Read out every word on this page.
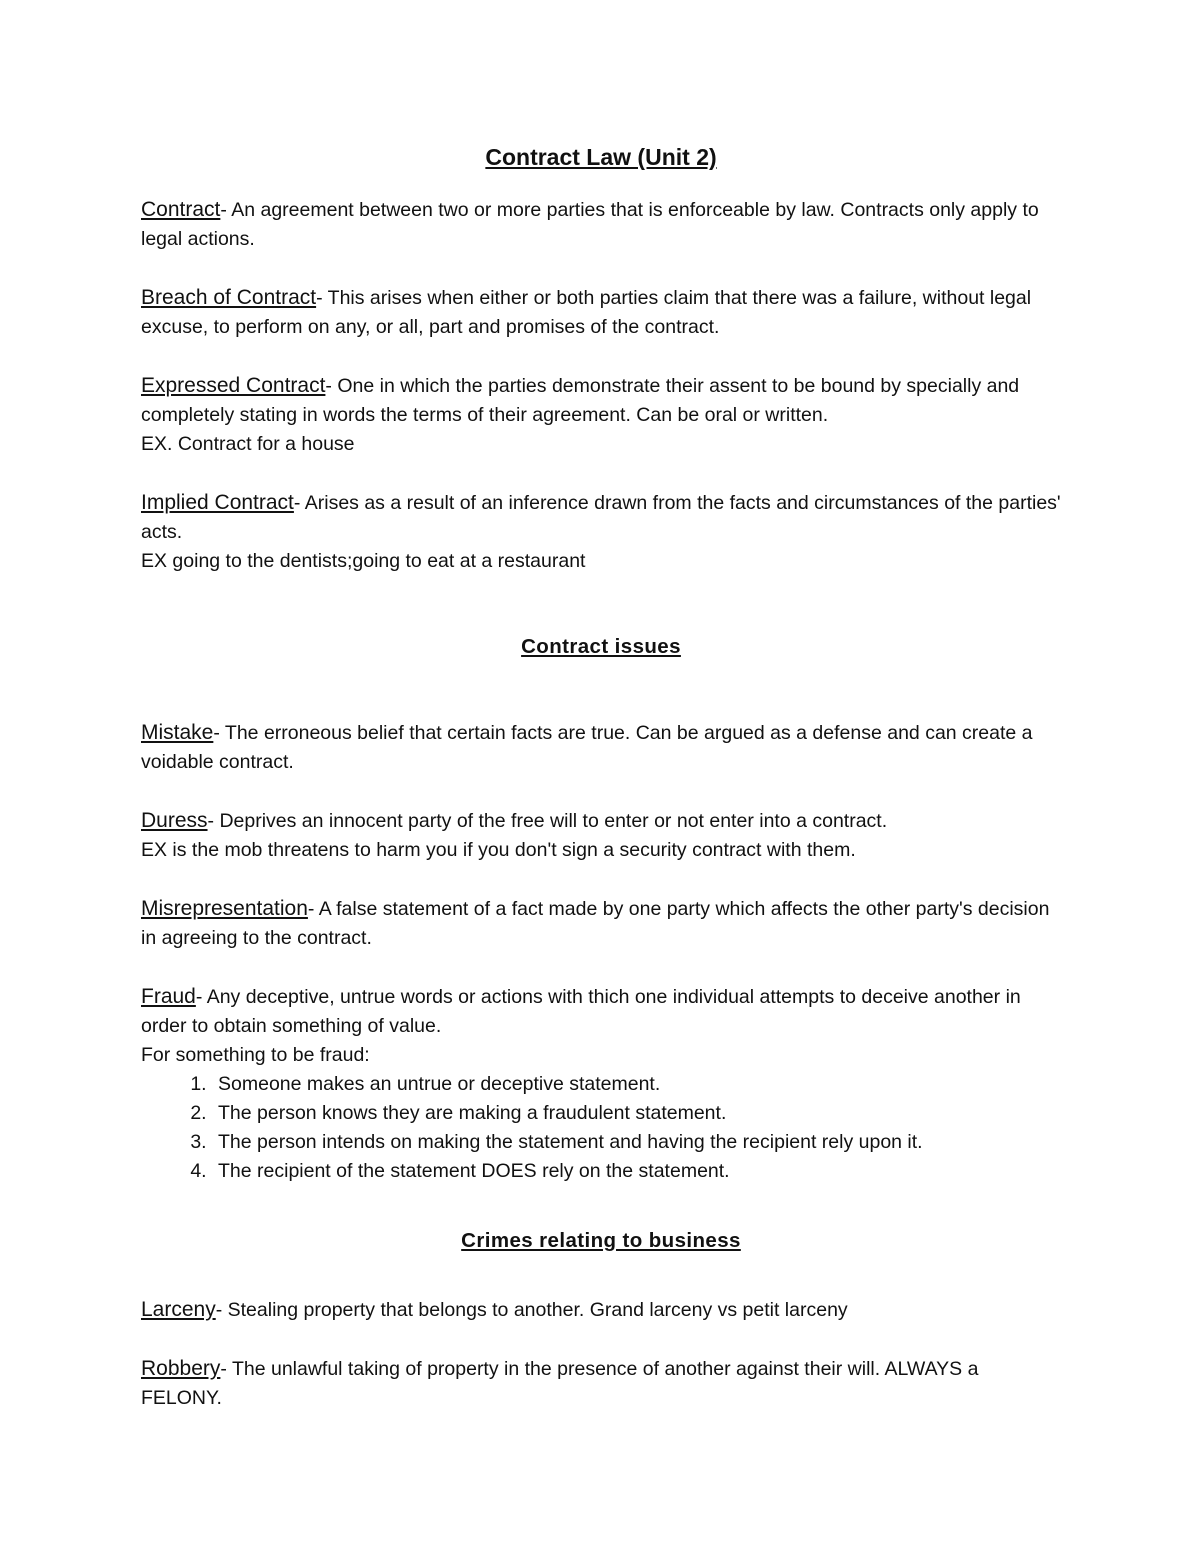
Contract Law (Unit 2)
Contract- An agreement between two or more parties that is enforceable by law. Contracts only apply to legal actions.
Breach of Contract- This arises when either or both parties claim that there was a failure, without legal excuse, to perform on any, or all, part and promises of the contract.
Expressed Contract- One in which the parties demonstrate their assent to be bound by specially and completely stating in words the terms of their agreement. Can be oral or written.
EX. Contract for a house
Implied Contract- Arises as a result of an inference drawn from the facts and circumstances of the parties' acts.
EX going to the dentists;going to eat at a restaurant
Contract issues
Mistake- The erroneous belief that certain facts are true. Can be argued as a defense and can create a voidable contract.
Duress- Deprives an innocent party of the free will to enter or not enter into a contract.
EX is the mob threatens to harm you if you don't sign a security contract with them.
Misrepresentation- A false statement of a fact made by one party which affects the other party's decision in agreeing to the contract.
Fraud- Any deceptive, untrue words or actions with thich one individual attempts to deceive another in order to obtain something of value.
For something to be fraud:
1. Someone makes an untrue or deceptive statement.
2. The person knows they are making a fraudulent statement.
3. The person intends on making the statement and having the recipient rely upon it.
4. The recipient of the statement DOES rely on the statement.
Crimes relating to business
Larceny- Stealing property that belongs to another. Grand larceny vs petit larceny
Robbery- The unlawful taking of property in the presence of another against their will. ALWAYS a FELONY.
